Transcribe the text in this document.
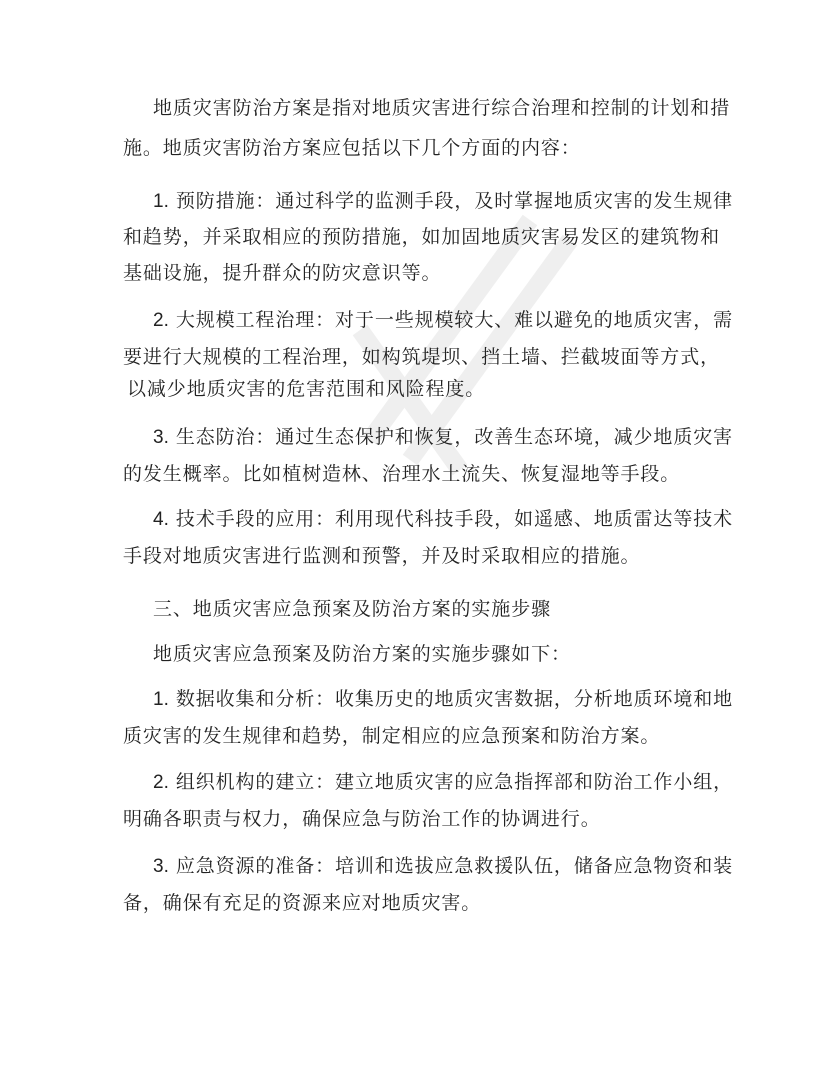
地质灾害防治方案是指对地质灾害进行综合治理和控制的计划和措
施。地质灾害防治方案应包括以下几个方面的内容：
1. 预防措施：通过科学的监测手段，及时掌握地质灾害的发生规律
和趋势，并采取相应的预防措施，如加固地质灾害易发区的建筑物和
基础设施，提升群众的防灾意识等。
2. 大规模工程治理：对于一些规模较大、难以避免的地质灾害，需
要进行大规模的工程治理，如构筑堤坝、挡土墙、拦截坡面等方式，
以减少地质灾害的危害范围和风险程度。
3. 生态防治：通过生态保护和恢复，改善生态环境，减少地质灾害
的发生概率。比如植树造林、治理水土流失、恢复湿地等手段。
4. 技术手段的应用：利用现代科技手段，如遥感、地质雷达等技术
手段对地质灾害进行监测和预警，并及时采取相应的措施。
三、地质灾害应急预案及防治方案的实施步骤
地质灾害应急预案及防治方案的实施步骤如下：
1. 数据收集和分析：收集历史的地质灾害数据，分析地质环境和地
质灾害的发生规律和趋势，制定相应的应急预案和防治方案。
2. 组织机构的建立：建立地质灾害的应急指挥部和防治工作小组，
明确各职责与权力，确保应急与防治工作的协调进行。
3. 应急资源的准备：培训和选拔应急救援队伍，储备应急物资和装
备，确保有充足的资源来应对地质灾害。
